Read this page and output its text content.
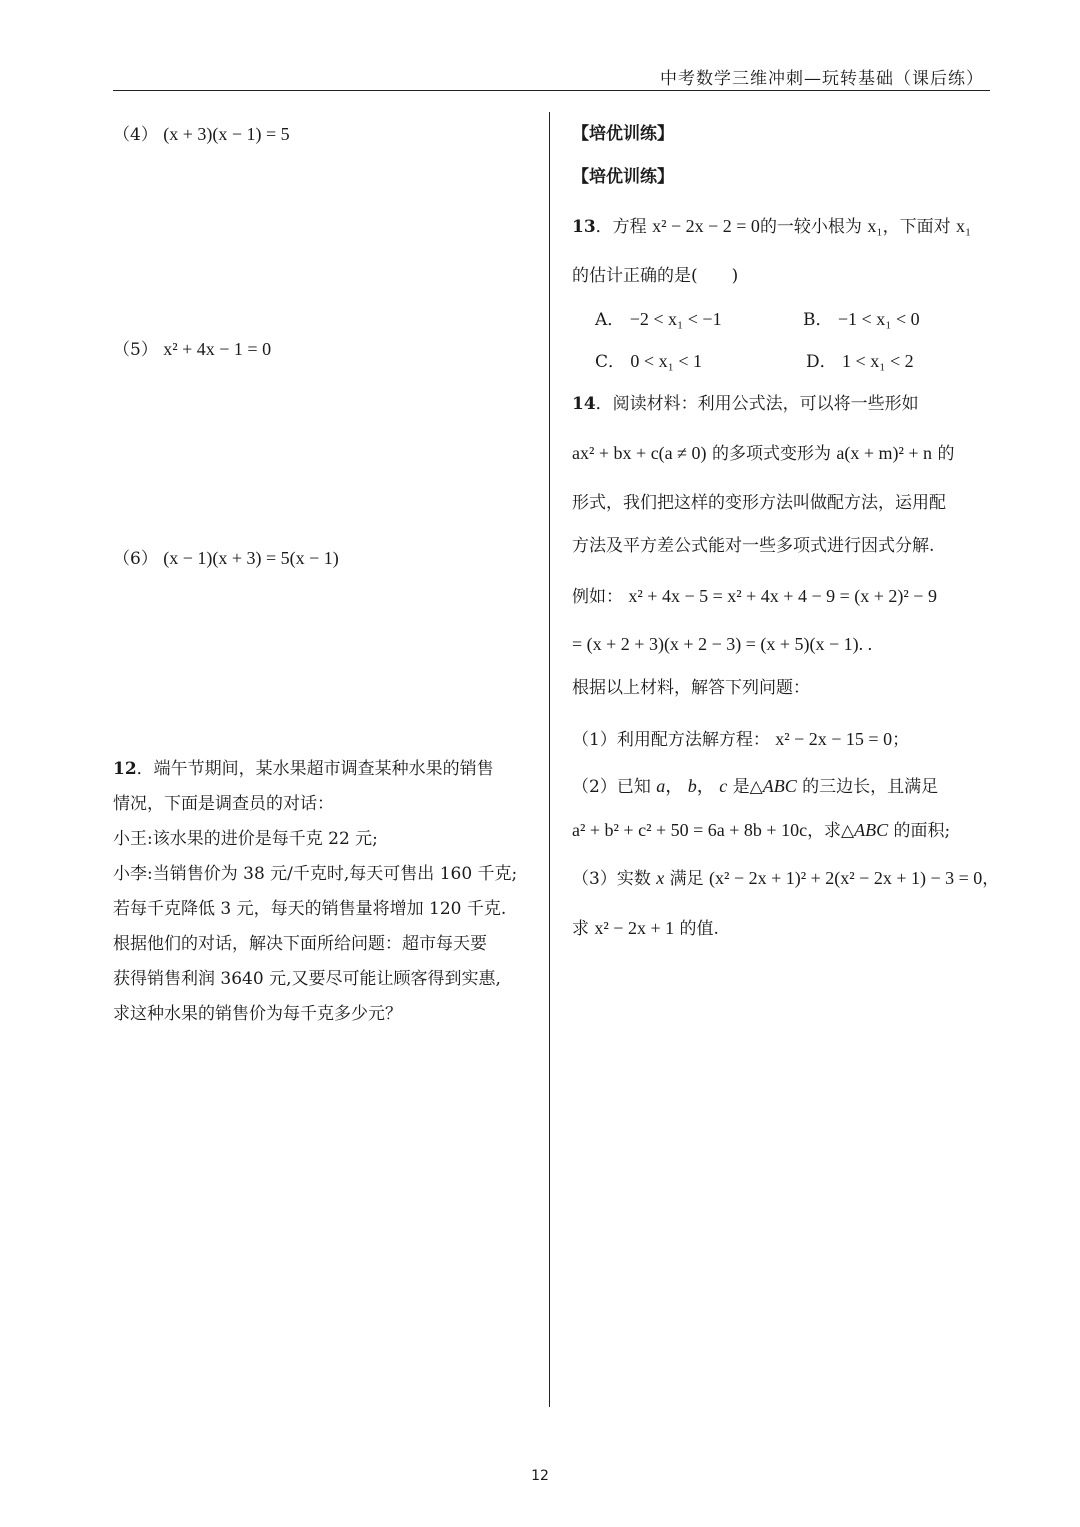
中考数学三维冲刺—玩转基础（课后练）
（4） (x + 3)(x − 1) = 5
（5） x² + 4x − 1 = 0
（6） (x − 1)(x + 3) = 5(x − 1)
12．端午节期间，某水果超市调查某种水果的销售
情况，下面是调查员的对话：
小王:该水果的进价是每千克 22 元;
小李:当销售价为 38 元/千克时,每天可售出 160 千克;
若每千克降低 3 元，每天的销售量将增加 120 千克.
根据他们的对话，解决下面所给问题：超市每天要
获得销售利润 3640 元,又要尽可能让顾客得到实惠,
求这种水果的销售价为每千克多少元？
【培优训练】
【培优训练】
13．方程 x² − 2x − 2 = 0的一较小根为 x₁，下面对 x₁
的估计正确的是(　　)
A． −2 < x₁ < −1	B． −1 < x₁ < 0
C． 0 < x₁ < 1	D． 1 < x₁ < 2
14．阅读材料：利用公式法，可以将一些形如
ax² + bx + c(a ≠ 0) 的多项式变形为 a(x + m)² + n 的
形式，我们把这样的变形方法叫做配方法，运用配
方法及平方差公式能对一些多项式进行因式分解.
例如： x² + 4x − 5 = x² + 4x + 4 − 9 = (x + 2)² − 9
= (x + 2 + 3)(x + 2 − 3) = (x + 5)(x − 1). .
根据以上材料，解答下列问题：
（1）利用配方法解方程： x² − 2x − 15 = 0；
（2）已知 a， b， c 是△ABC 的三边长，且满足
a² + b² + c² + 50 = 6a + 8b + 10c，求△ABC 的面积;
（3）实数 x 满足 (x² − 2x + 1)² + 2(x² − 2x + 1) − 3 = 0，
求 x² − 2x + 1 的值.
12
